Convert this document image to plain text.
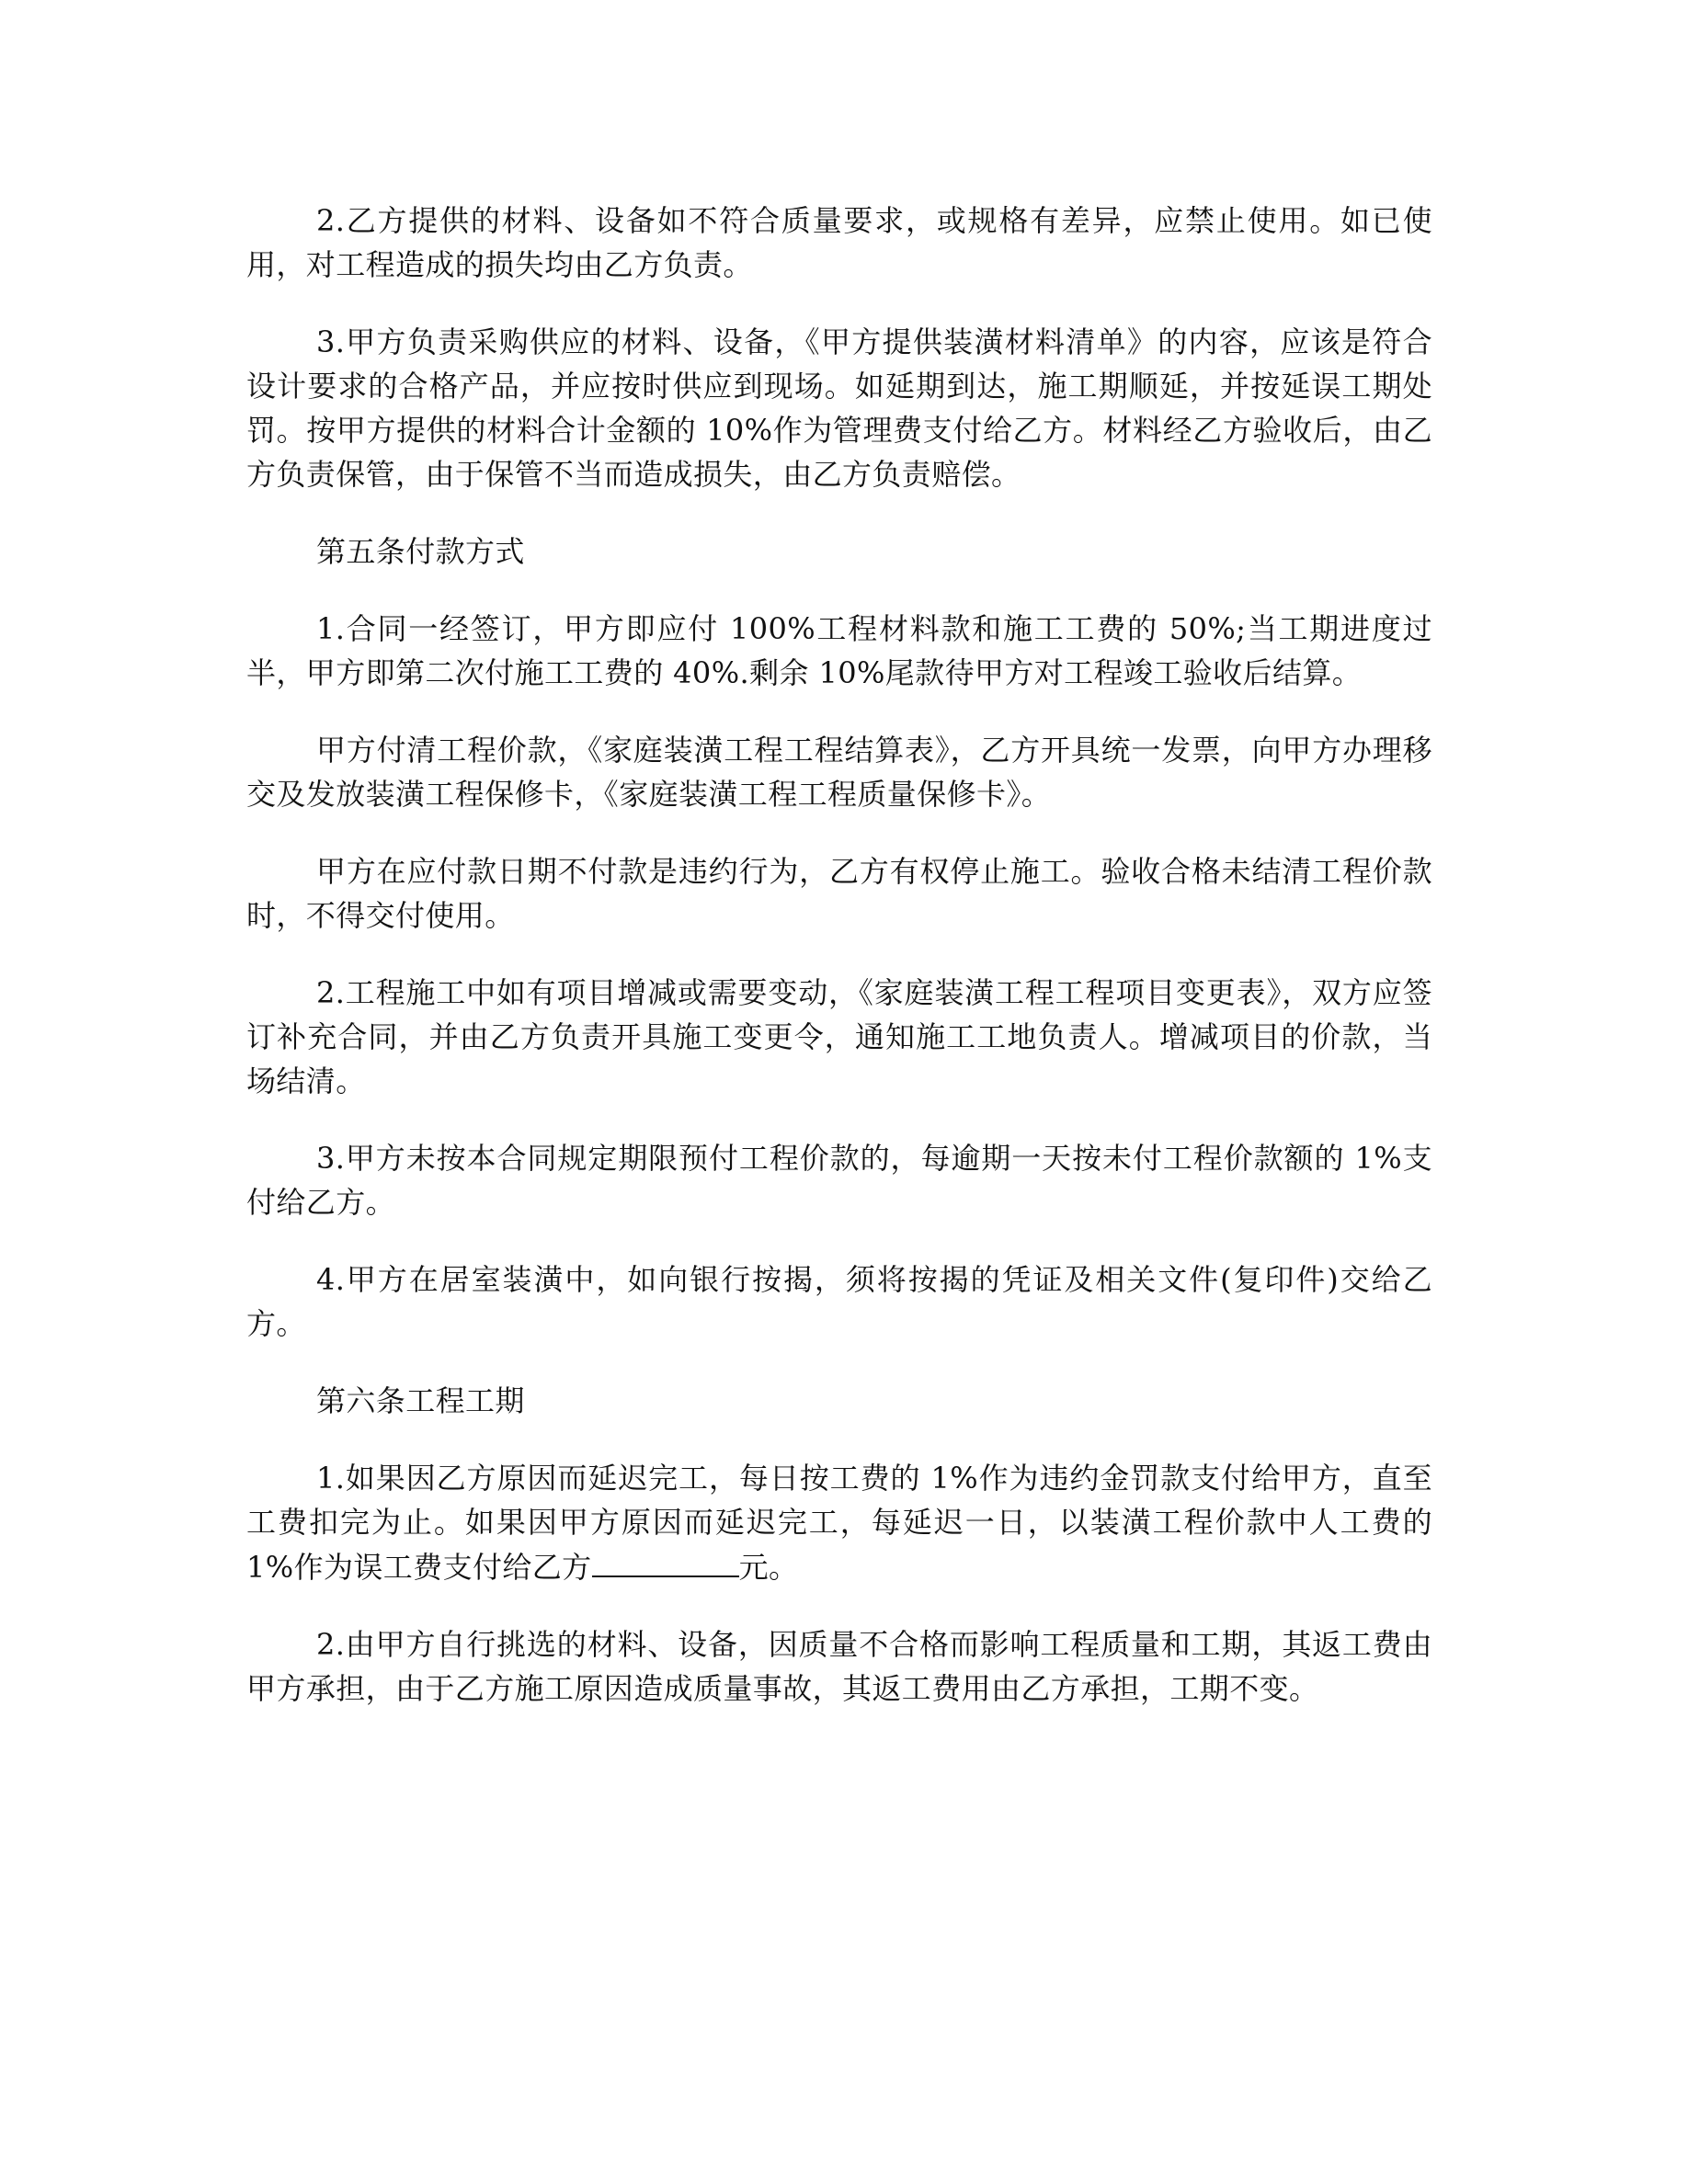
2.乙方提供的材料、设备如不符合质量要求，或规格有差异，应禁止使用。如已使用，对工程造成的损失均由乙方负责。

3.甲方负责采购供应的材料、设备，《甲方提供装潢材料清单》的内容，应该是符合设计要求的合格产品，并应按时供应到现场。如延期到达，施工期顺延，并按延误工期处罚。按甲方提供的材料合计金额的 10%作为管理费支付给乙方。材料经乙方验收后，由乙方负责保管，由于保管不当而造成损失，由乙方负责赔偿。

第五条付款方式

1.合同一经签订，甲方即应付 100%工程材料款和施工工费的 50%;当工期进度过半，甲方即第二次付施工工费的 40%.剩余 10%尾款待甲方对工程竣工验收后结算。

甲方付清工程价款，《家庭装潢工程工程结算表》，乙方开具统一发票，向甲方办理移交及发放装潢工程保修卡，《家庭装潢工程工程质量保修卡》。

甲方在应付款日期不付款是违约行为，乙方有权停止施工。验收合格未结清工程价款时，不得交付使用。

2.工程施工中如有项目增减或需要变动，《家庭装潢工程工程项目变更表》，双方应签订补充合同，并由乙方负责开具施工变更令，通知施工工地负责人。增减项目的价款，当场结清。

3.甲方未按本合同规定期限预付工程价款的，每逾期一天按未付工程价款额的 1%支付给乙方。

4.甲方在居室装潢中，如向银行按揭，须将按揭的凭证及相关文件(复印件)交给乙方。

第六条工程工期

1.如果因乙方原因而延迟完工，每日按工费的 1%作为违约金罚款支付给甲方，直至工费扣完为止。如果因甲方原因而延迟完工，每延迟一日，以装潢工程价款中人工费的 1%作为误工费支付给乙方	元。

2.由甲方自行挑选的材料、设备，因质量不合格而影响工程质量和工期，其返工费由甲方承担，由于乙方施工原因造成质量事故，其返工费用由乙方承担，工期不变。
